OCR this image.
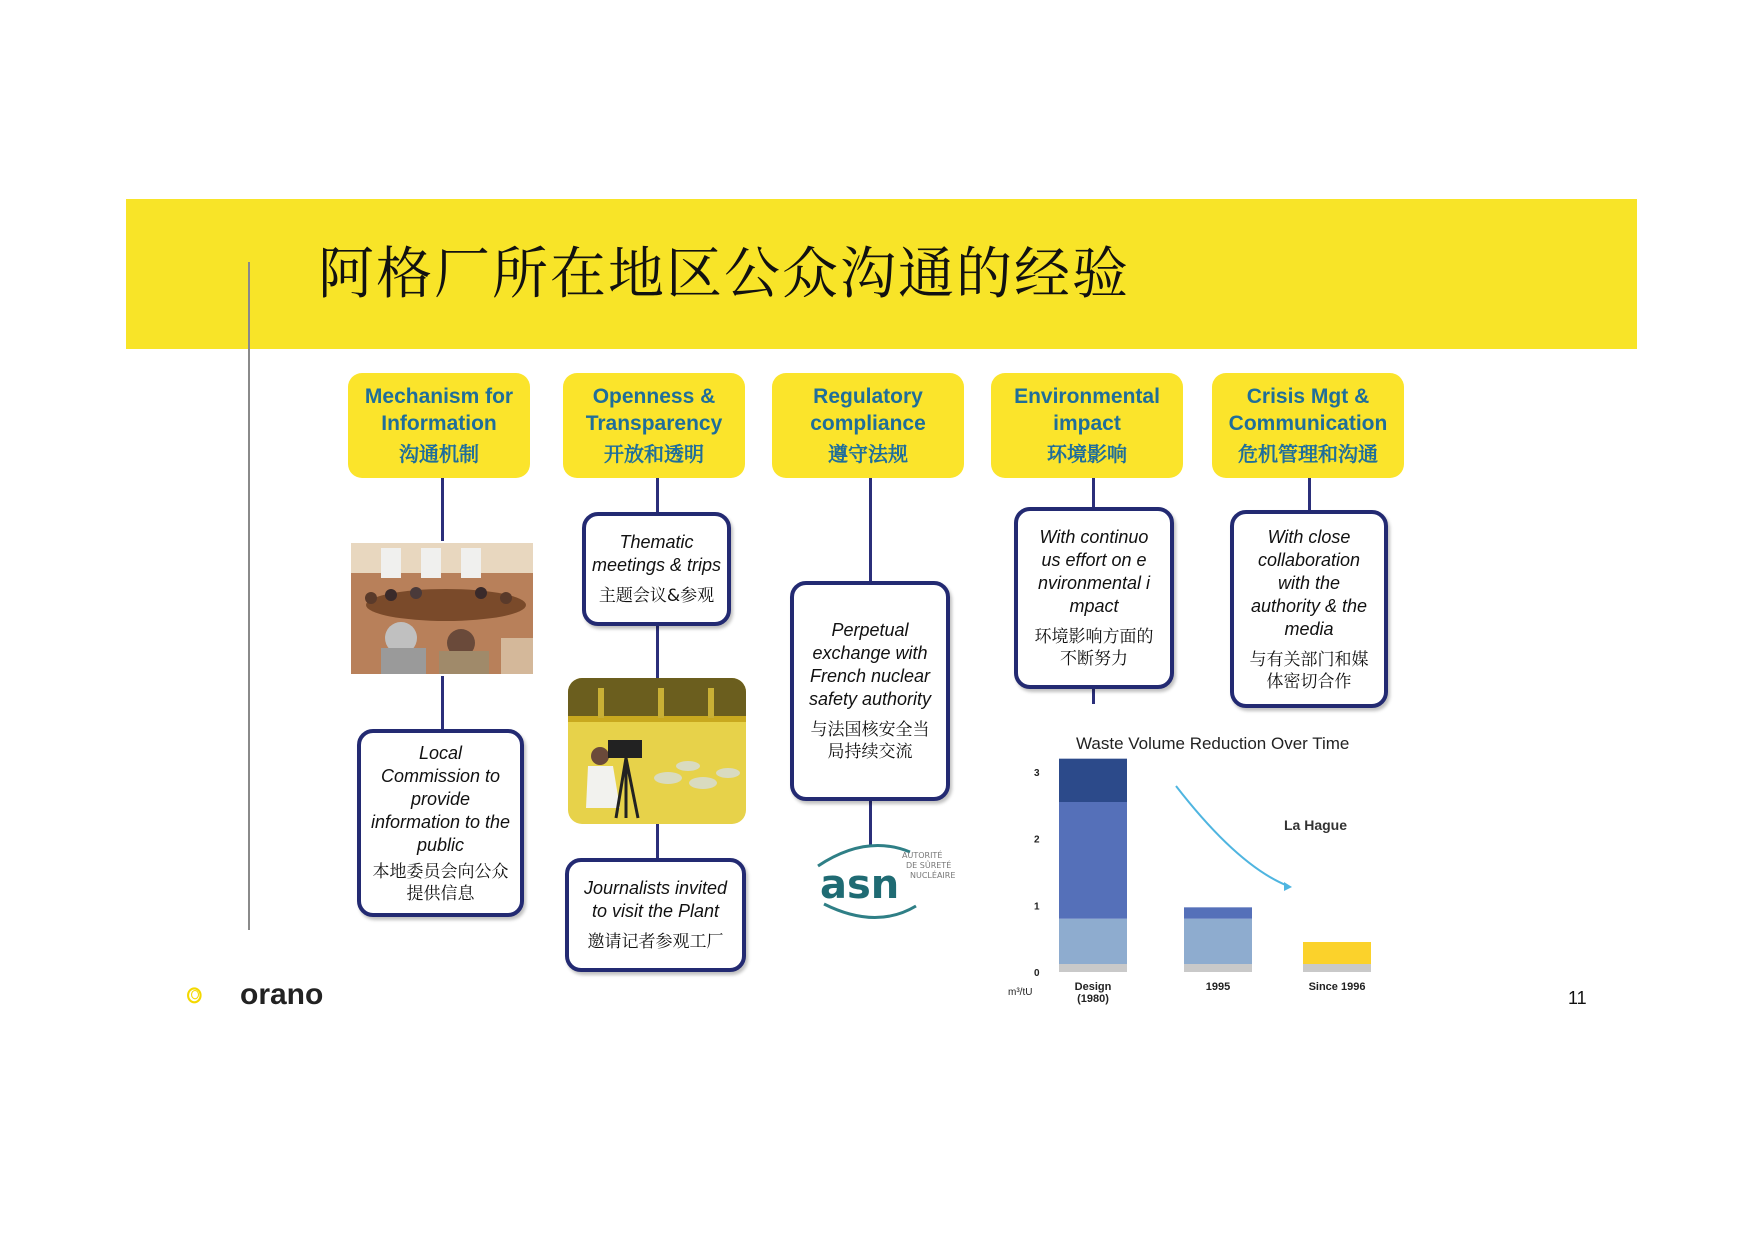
阿格厂所在地区公众沟通的经验
Mechanism for Information
沟通机制
Openness & Transparency
开放和透明
Regulatory compliance
遵守法规
Environmental impact
环境影响
Crisis Mgt & Communication
危机管理和沟通
Local Commission to provide information to the public
本地委员会向公众提供信息
Thematic meetings & trips
主题会议&参观
Journalists invited to visit the Plant
邀请记者参观工厂
Perpetual exchange with French nuclear safety authority
与法国核安全当局持续交流
With continuous effort on environmental impact
环境影响方面的不断努力
With close collaboration with the authority & the media
与有关部门和媒体密切合作
asn
AUTORITÉ
DE SÛRETÉ
NUCLÉAIRE
Waste Volume Reduction Over Time
La Hague
m³/tU
0
1
2
3
Design
(1980)
1995	Since 1996
orano	11
